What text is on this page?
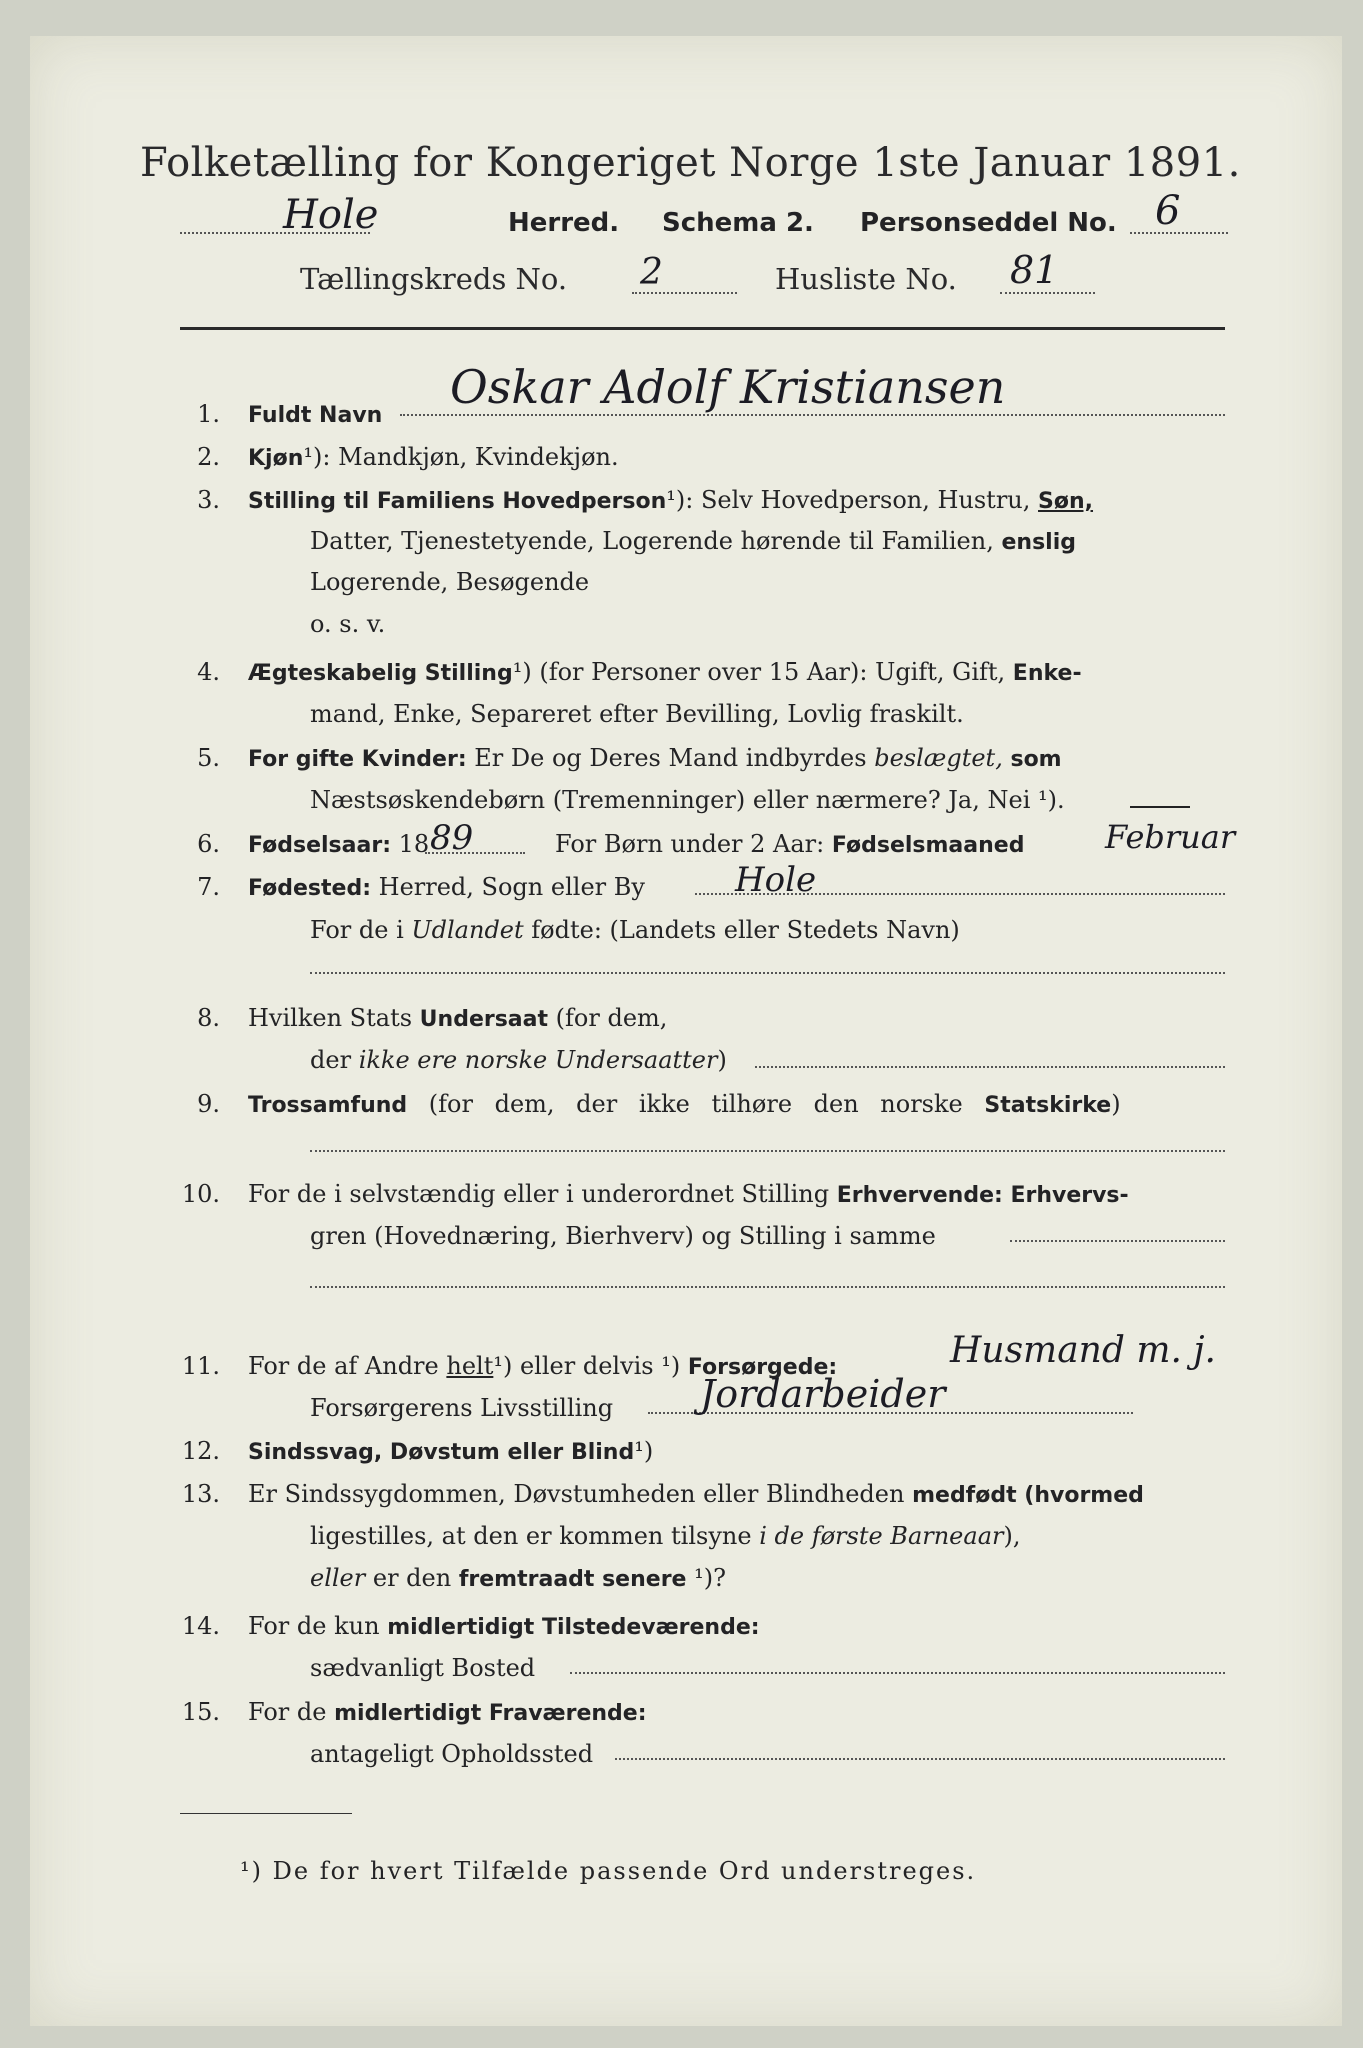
Folketælling for Kongeriget Norge 1ste Januar 1891.
Hole	Herred. Schema 2. Personseddel No. 6
Tællingskreds No. 2	Husliste No. 81
1. Fuldt Navn
Oskar Adolf Kristiansen
2. Kjøn¹): Mandkjøn, Kvindekjøn.
3. Stilling til Familiens Hovedperson¹): Selv Hovedperson, Hustru, Søn,
Datter, Tjenestetyende, Logerende hørende til Familien, enslig
Logerende, Besøgende
o. s. v.
4. Ægteskabelig Stilling¹) (for Personer over 15 Aar): Ugift, Gift, Enke-
mand, Enke, Separeret efter Bevilling, Lovlig fraskilt.
5. For gifte Kvinder: Er De og Deres Mand indbyrdes beslægtet, som
Næstsøskendebørn (Tremenninger) eller nærmere? Ja, Nei ¹).
6. Fødselsaar: 18 89	For Børn under 2 Aar: Fødselsmaaned	Februar
7. Fødested: Herred, Sogn eller By	Hole
For de i Udlandet fødte: (Landets eller Stedets Navn)
8. Hvilken Stats Undersaat (for dem,
der ikke ere norske Undersaatter)
9. Trossamfund (for dem, der ikke tilhøre den norske Statskirke)
10. For de i selvstændig eller i underordnet Stilling Erhvervende: Erhvervs-
gren (Hovednæring, Bierhverv) og Stilling i samme
11. For de af Andre helt¹) eller delvis ¹) Forsørgede:	Husmand m. j.
Forsørgerens Livsstilling Jordarbeider
12. Sindssvag, Døvstum eller Blind¹)
13. Er Sindssygdommen, Døvstumheden eller Blindheden medfødt (hvormed
ligestilles, at den er kommen tilsyne i de første Barneaar),
eller er den fremtraadt senere ¹)?
14. For de kun midlertidigt Tilstedeværende:
sædvanligt Bosted
15. For de midlertidigt Fraværende:
antageligt Opholdssted
¹) De for hvert Tilfælde passende Ord understreges.
